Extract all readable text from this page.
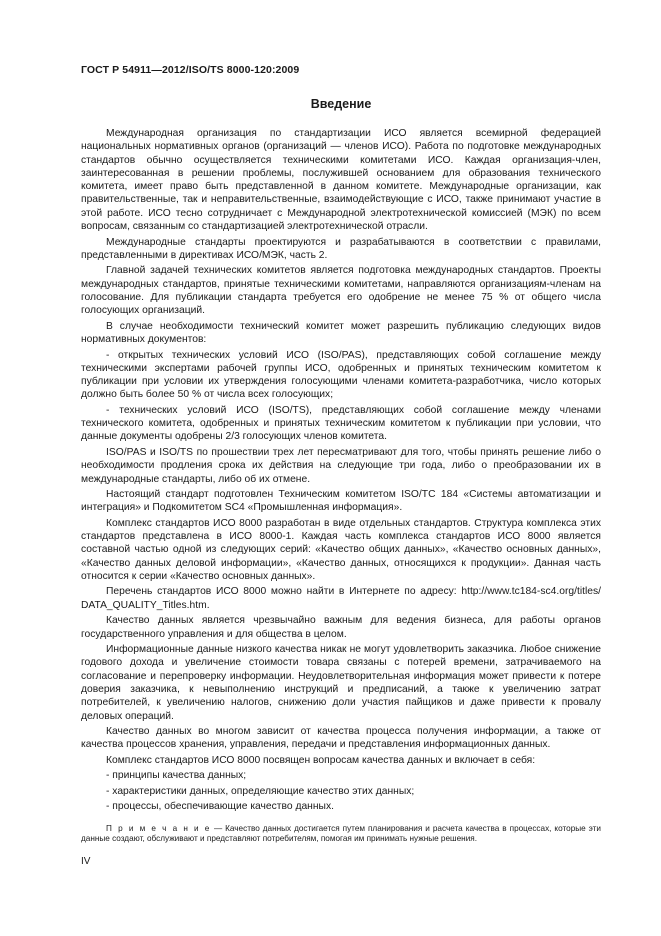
ГОСТ Р 54911—2012/ISO/TS 8000-120:2009
Введение

Международная организация по стандартизации ИСО является всемирной федерацией национальных нормативных органов (организаций — членов ИСО). Работа по подготовке международных стандартов обычно осуществляется техническими комитетами ИСО. Каждая организация-член, заинтересованная в решении проблемы, послужившей основанием для образования технического комитета, имеет право быть представленной в данном комитете. Международные организации, как правительственные, так и неправительственные, взаимодействующие с ИСО, также принимают участие в этой работе. ИСО тесно сотрудничает с Международной электротехнической комиссией (МЭК) по всем вопросам, связанным со стандартизацией электротехнической отрасли.

Международные стандарты проектируются и разрабатываются в соответствии с правилами, представленными в директивах ИСО/МЭК, часть 2.

Главной задачей технических комитетов является подготовка международных стандартов. Проекты международных стандартов, принятые техническими комитетами, направляются организациям-членам на голосование. Для публикации стандарта требуется его одобрение не менее 75 % от общего числа голосующих организаций.

В случае необходимости технический комитет может разрешить публикацию следующих видов нормативных документов:

- открытых технических условий ИСО (ISO/PAS), представляющих собой соглашение между техническими экспертами рабочей группы ИСО, одобренных и принятых техническим комитетом к публикации при условии их утверждения голосующими членами комитета-разработчика, число которых должно быть более 50 % от числа всех голосующих;

- технических условий ИСО (ISO/TS), представляющих собой соглашение между членами технического комитета, одобренных и принятых техническим комитетом к публикации при условии, что данные документы одобрены 2/3 голосующих членов комитета.

ISO/PAS и ISO/TS по прошествии трех лет пересматривают для того, чтобы принять решение либо о необходимости продления срока их действия на следующие три года, либо о преобразовании их в международные стандарты, либо об их отмене.

Настоящий стандарт подготовлен Техническим комитетом ISO/TC 184 «Системы автоматизации и интеграция» и Подкомитетом SC4 «Промышленная информация».

Комплекс стандартов ИСО 8000 разработан в виде отдельных стандартов. Структура комплекса этих стандартов представлена в ИСО 8000-1. Каждая часть комплекса стандартов ИСО 8000 является составной частью одной из следующих серий: «Качество общих данных», «Качество основных данных», «Качество данных деловой информации», «Качество данных, относящихся к продукции». Данная часть относится к серии «Качество основных данных».

Перечень стандартов ИСО 8000 можно найти в Интернете по адресу: http://www.tc184-sc4.org/titles/ DATA_QUALITY_Titles.htm.

Качество данных является чрезвычайно важным для ведения бизнеса, для работы органов государственного управления и для общества в целом.

Информационные данные низкого качества никак не могут удовлетворить заказчика. Любое снижение годового дохода и увеличение стоимости товара связаны с потерей времени, затрачиваемого на согласование и перепроверку информации. Неудовлетворительная информация может привести к потере доверия заказчика, к невыполнению инструкций и предписаний, а также к увеличению затрат потребителей, к увеличению налогов, снижению доли участия пайщиков и даже привести к провалу деловых операций.

Качество данных во многом зависит от качества процесса получения информации, а также от качества процессов хранения, управления, передачи и представления информационных данных.

Комплекс стандартов ИСО 8000 посвящен вопросам качества данных и включает в себя:

- принципы качества данных;

- характеристики данных, определяющие качество этих данных;

- процессы, обеспечивающие качество данных.

П р и м е ч а н и е — Качество данных достигается путем планирования и расчета качества в процессах, которые эти данные создают, обслуживают и представляют потребителям, помогая им принимать нужные решения.
IV
